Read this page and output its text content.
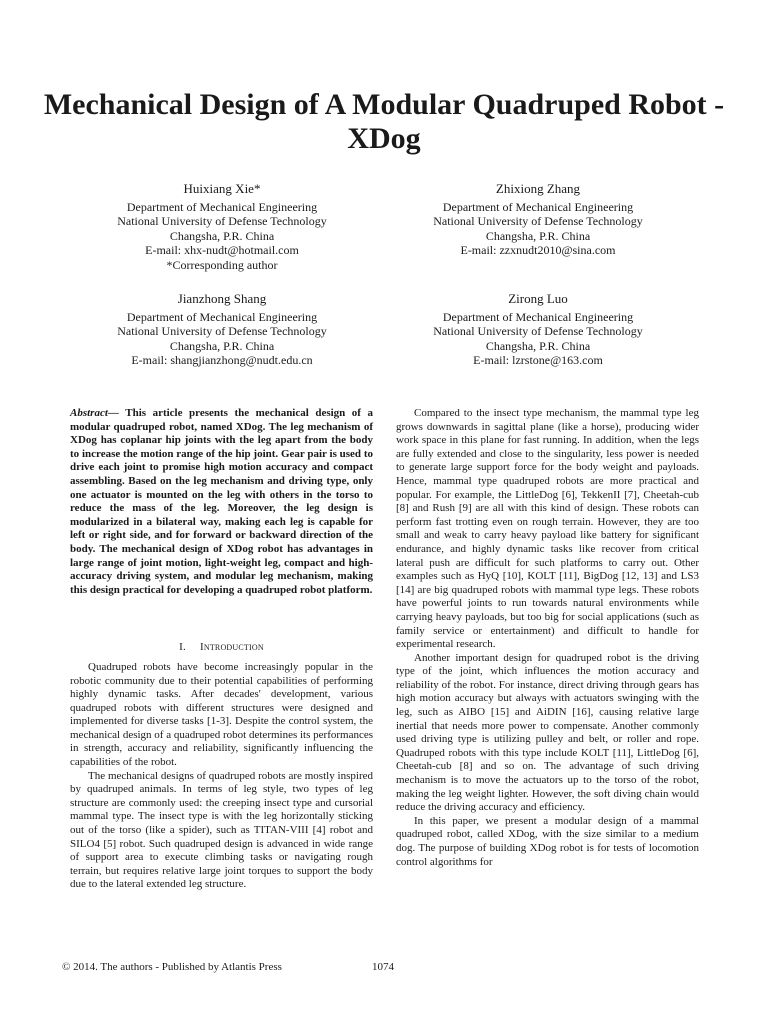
Mechanical Design of A Modular Quadruped Robot - XDog
Huixiang Xie*
Department of Mechanical Engineering
National University of Defense Technology
Changsha, P.R. China
E-mail: xhx-nudt@hotmail.com
*Corresponding author
Zhixiong Zhang
Department of Mechanical Engineering
National University of Defense Technology
Changsha, P.R. China
E-mail: zzxnudt2010@sina.com
Jianzhong Shang
Department of Mechanical Engineering
National University of Defense Technology
Changsha, P.R. China
E-mail: shangjianzhong@nudt.edu.cn
Zirong Luo
Department of Mechanical Engineering
National University of Defense Technology
Changsha, P.R. China
E-mail: lzrstone@163.com

Abstract— This article presents the mechanical design of a modular quadruped robot, named XDog. The leg mechanism of XDog has coplanar hip joints with the leg apart from the body to increase the motion range of the hip joint. Gear pair is used to drive each joint to promise high motion accuracy and compact assembling. Based on the leg mechanism and driving type, only one actuator is mounted on the leg with others in the torso to reduce the mass of the leg. Moreover, the leg design is modularized in a bilateral way, making each leg is capable for left or right side, and for forward or backward direction of the body. The mechanical design of XDog robot has advantages in large range of joint motion, light-weight leg, compact and high-accuracy driving system, and modular leg mechanism, making this design practical for developing a quadruped robot platform.

I. Introduction

Quadruped robots have become increasingly popular in the robotic community due to their potential capabilities of performing highly dynamic tasks. After decades' development, various quadruped robots with different structures were designed and implemented for diverse tasks [1-3]. Despite the control system, the mechanical design of a quadruped robot determines its performances in strength, accuracy and reliability, significantly influencing the capabilities of the robot.

The mechanical designs of quadruped robots are mostly inspired by quadruped animals. In terms of leg style, two types of leg structure are commonly used: the creeping insect type and cursorial mammal type. The insect type is with the leg horizontally sticking out of the torso (like a spider), such as TITAN-VIII [4] robot and SILO4 [5] robot. Such quadruped design is advanced in wide range of support area to execute climbing tasks or navigating rough terrain, but requires relative large joint torques to support the body due to the lateral extended leg structure.

Compared to the insect type mechanism, the mammal type leg grows downwards in sagittal plane (like a horse), producing wider work space in this plane for fast running. In addition, when the legs are fully extended and close to the singularity, less power is needed to generate large support force for the body weight and payloads. Hence, mammal type quadruped robots are more practical and popular. For example, the LittleDog [6], TekkenII [7], Cheetah-cub [8] and Rush [9] are all with this kind of design. These robots can perform fast trotting even on rough terrain. However, they are too small and weak to carry heavy payload like battery for significant endurance, and highly dynamic tasks like recover from critical lateral push are difficult for such platforms to carry out. Other examples such as HyQ [10], KOLT [11], BigDog [12, 13] and LS3 [14] are big quadruped robots with mammal type legs. These robots have powerful joints to run towards natural environments while carrying heavy payloads, but too big for social applications (such as family service or entertainment) and difficult to handle for experimental research.

Another important design for quadruped robot is the driving type of the joint, which influences the motion accuracy and reliability of the robot. For instance, direct driving through gears has high motion accuracy but always with actuators swinging with the leg, such as AIBO [15] and AiDIN [16], causing relative large inertial that needs more power to compensate. Another commonly used driving type is utilizing pulley and belt, or roller and rope. Quadruped robots with this type include KOLT [11], LittleDog [6], Cheetah-cub [8] and so on. The advantage of such driving mechanism is to move the actuators up to the torso of the robot, making the leg weight lighter. However, the soft diving chain would reduce the driving accuracy and efficiency.

In this paper, we present a modular design of a mammal quadruped robot, called XDog, with the size similar to a medium dog. The purpose of building XDog robot is for tests of locomotion control algorithms for

© 2014. The authors - Published by Atlantis Press	1074
